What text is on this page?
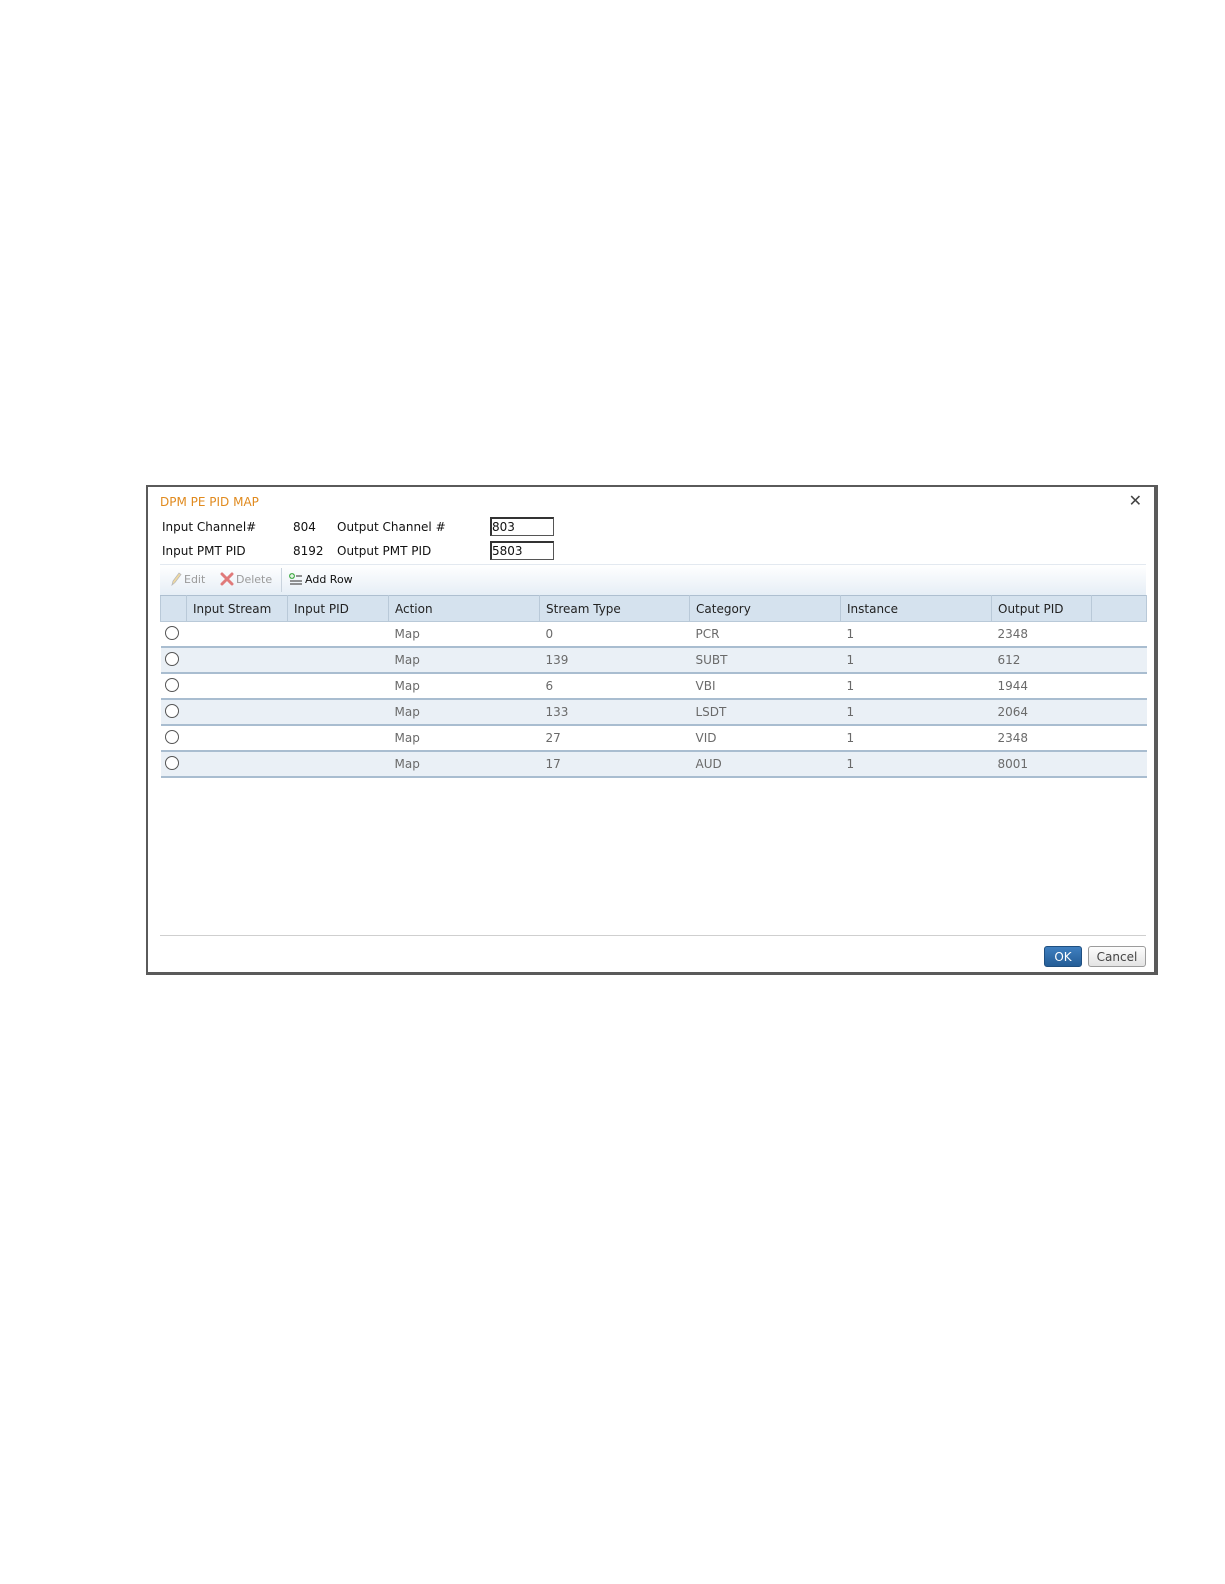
DPM PE PID MAP	✕
Input Channel#	804 Output Channel #
803
Input PMT PID	8192 Output PMT PID
5803
Edit	Delete	Add Row
	Input Stream	Input PID	Action	Stream Type	Category	Instance	Output PID	
			Map	0	PCR	1	2348	
			Map	139	SUBT	1	612	
			Map	6	VBI	1	1944	
			Map	133	LSDT	1	2064	
			Map	27	VID	1	2348	
			Map	17	AUD	1	8001	
OK	Cancel
